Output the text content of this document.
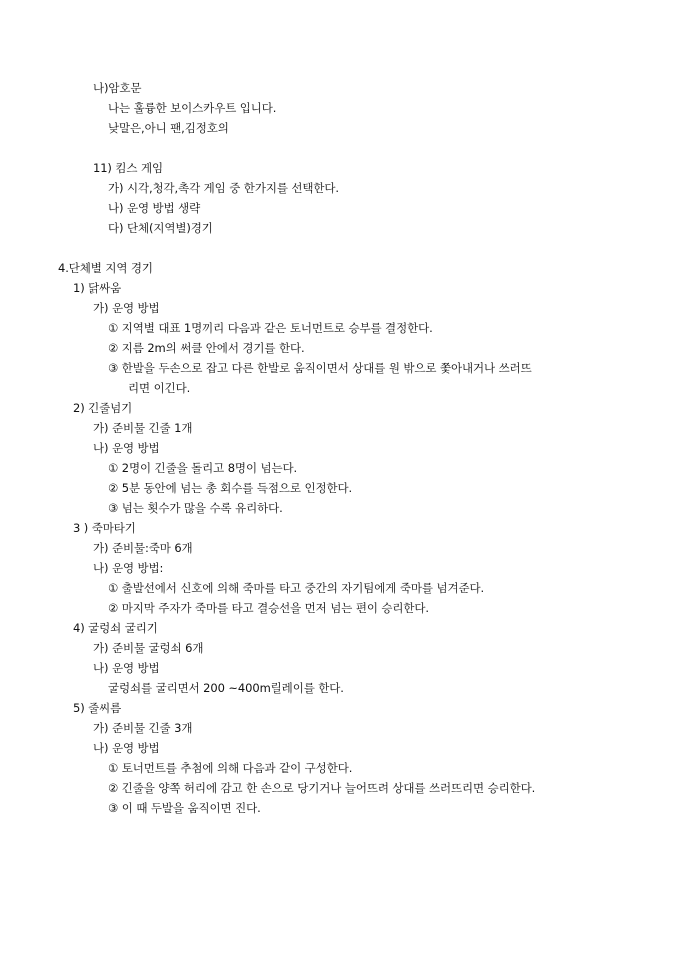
나)암호문
나는 훌륭한 보이스카우트 입니다.
낮말은,아니 팬,김정호의
11) 킴스 게임
가) 시각,청각,촉각 게임 중 한가지를 선택한다.
나) 운영 방법 생략
다) 단체(지역별)경기
4.단체별 지역 경기
1) 닭싸움
가) 운영 방법
① 지역별 대표 1명끼리 다음과 같은 토너먼트로 승부를 결정한다.
② 지름 2m의 써클 안에서 경기를 한다.
③ 한발을 두손으로 잡고 다른 한발로 움직이면서 상대를 원 밖으로 쫓아내거나 쓰러뜨
리면 이긴다.
2) 긴줄넘기
가) 준비물 긴줄 1개
나) 운영 방법
① 2명이 긴줄을 돌리고 8명이 넘는다.
② 5분 동안에 넘는 총 회수를 득점으로 인정한다.
③ 넘는 횟수가 많을 수록 유리하다.
3 ) 죽마타기
가) 준비물:죽마 6개
나) 운영 방법:
① 출발선에서 신호에 의해 죽마를 타고 중간의 자기팀에게 죽마를 넘겨준다.
② 마지막 주자가 죽마를 타고 결승선을 먼저 넘는 편이 승리한다.
4) 굴렁쇠 굴리기
가) 준비물 굴렁쇠 6개
나) 운영 방법
굴렁쇠를 굴리면서 200 ~400m릴레이를 한다.
5) 줄씨름
가) 준비물 긴줄 3개
나) 운영 방법
① 토너먼트를 추첨에 의해 다음과 같이 구성한다.
② 긴줄을 양쪽 허리에 감고 한 손으로 당기거나 늘어뜨려 상대를 쓰러뜨리면 승리한다.
③ 이 때 두발을 움직이면 진다.
